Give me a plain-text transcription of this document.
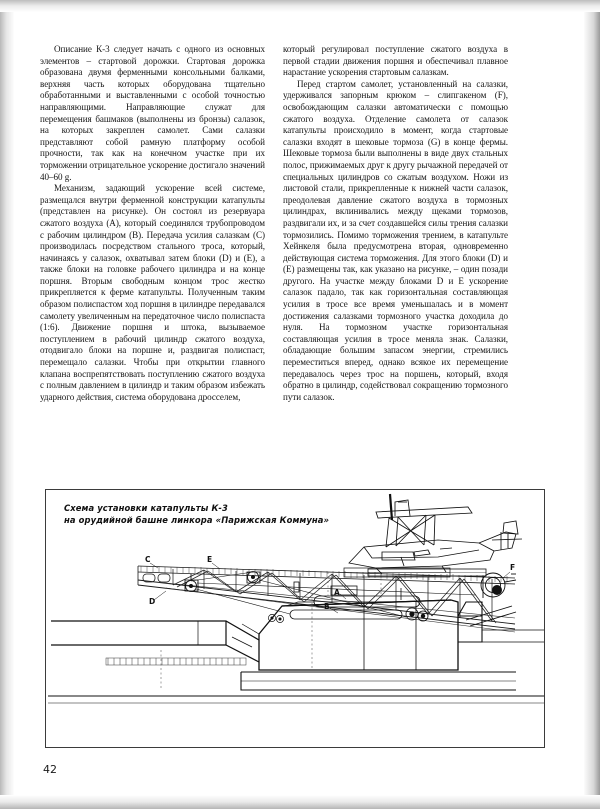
Описание К-3 следует начать с одного из основных элементов – стартовой дорожки. Стартовая дорожка образована двумя ферменными консольными балками, верхняя часть которых оборудована тщательно обработанными и выставленными с особой точностью направляющими. Направляющие служат для перемещения башмаков (выполнены из бронзы) салазок, на которых закреплен самолет. Сами салазки представляют собой рамную платформу особой прочности, так как на конечном участке при их торможении отрицательное ускорение достигало значений 40–60 g.

Механизм, задающий ускорение всей системе, размещался внутри ферменной конструкции катапульты (представлен на рисунке). Он состоял из резервуара сжатого воздуха (А), который соединялся трубопроводом с рабочим цилиндром (В). Передача усилия салазкам (С) производилась посредством стального троса, который, начинаясь у салазок, охватывал затем блоки (D) и (Е), а также блоки на головке рабочего цилиндра и на конце поршня. Вторым свободным концом трос жестко прикрепляется к ферме катапульты. Полученным таким образом полиспастом ход поршня в цилиндре передавался самолету увеличенным на передаточное число полиспаста (1:6). Движение поршня и штока, вызываемое поступлением в рабочий цилиндр сжатого воздуха, отодвигало блоки на поршне и, раздвигая полиспаст, перемещало салазки. Чтобы при открытии главного клапана воспрепятствовать поступлению сжатого воздуха с полным давлением в цилиндр и таким образом избежать ударного действия, система оборудована дросселем,

который регулировал поступление сжатого воздуха в первой стадии движения поршня и обеспечивал плавное нарастание ускорения стартовым салазкам.

Перед стартом самолет, установленный на салазки, удерживался запорным крюком – слипгакеном (F), освобождающим салазки автоматически с помощью сжатого воздуха. Отделение самолета от салазок катапульты происходило в момент, когда стартовые салазки входят в шековые тормоза (G) в конце фермы. Шековые тормоза были выполнены в виде двух стальных полос, прижимаемых друг к другу рычажной передачей от специальных цилиндров со сжатым воздухом. Ножи из листовой стали, прикрепленные к нижней части салазок, преодолевая давление сжатого воздуха в тормозных цилиндрах, вклинивались между щеками тормозов, раздвигали их, и за счет создавшейся силы трения салазки тормозились. Помимо торможения трением, в катапульте Хейнкеля была предусмотрена вторая, одновременно действующая система торможения. Для этого блоки (D) и (Е) размещены так, как указано на рисунке, – один позади другого. На участке между блоками D и Е ускорение салазок падало, так как горизонтальная составляющая усилия в тросе все время уменьшалась и в момент достижения салазками тормозного участка доходила до нуля. На тормозном участке горизонтальная составляющая усилия в тросе меняла знак. Салазки, обладающие большим запасом энергии, стремились переместиться вперед, однако всякое их перемещение передавалось через трос на поршень, который, входя обратно в цилиндр, содействовал сокращению тормозного пути салазок.

Схема установки катапульты К-3
на орудийной башне линкора «Парижская Коммуна»
C
D
E
A
B
F
42
